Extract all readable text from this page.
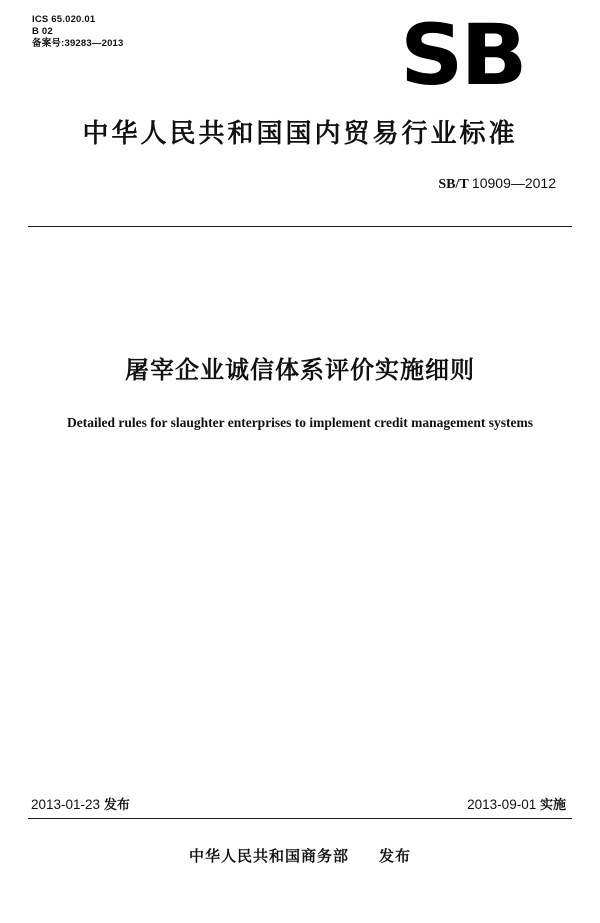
ICS 65.020.01
B 02
备案号:39283—2013	SB
中华人民共和国国内贸易行业标准
SB/T 10909—2012
屠宰企业诚信体系评价实施细则
Detailed rules for slaughter enterprises to implement credit management systems
2013-01-23 发布	2013-09-01 实施
中华人民共和国商务部 发布
